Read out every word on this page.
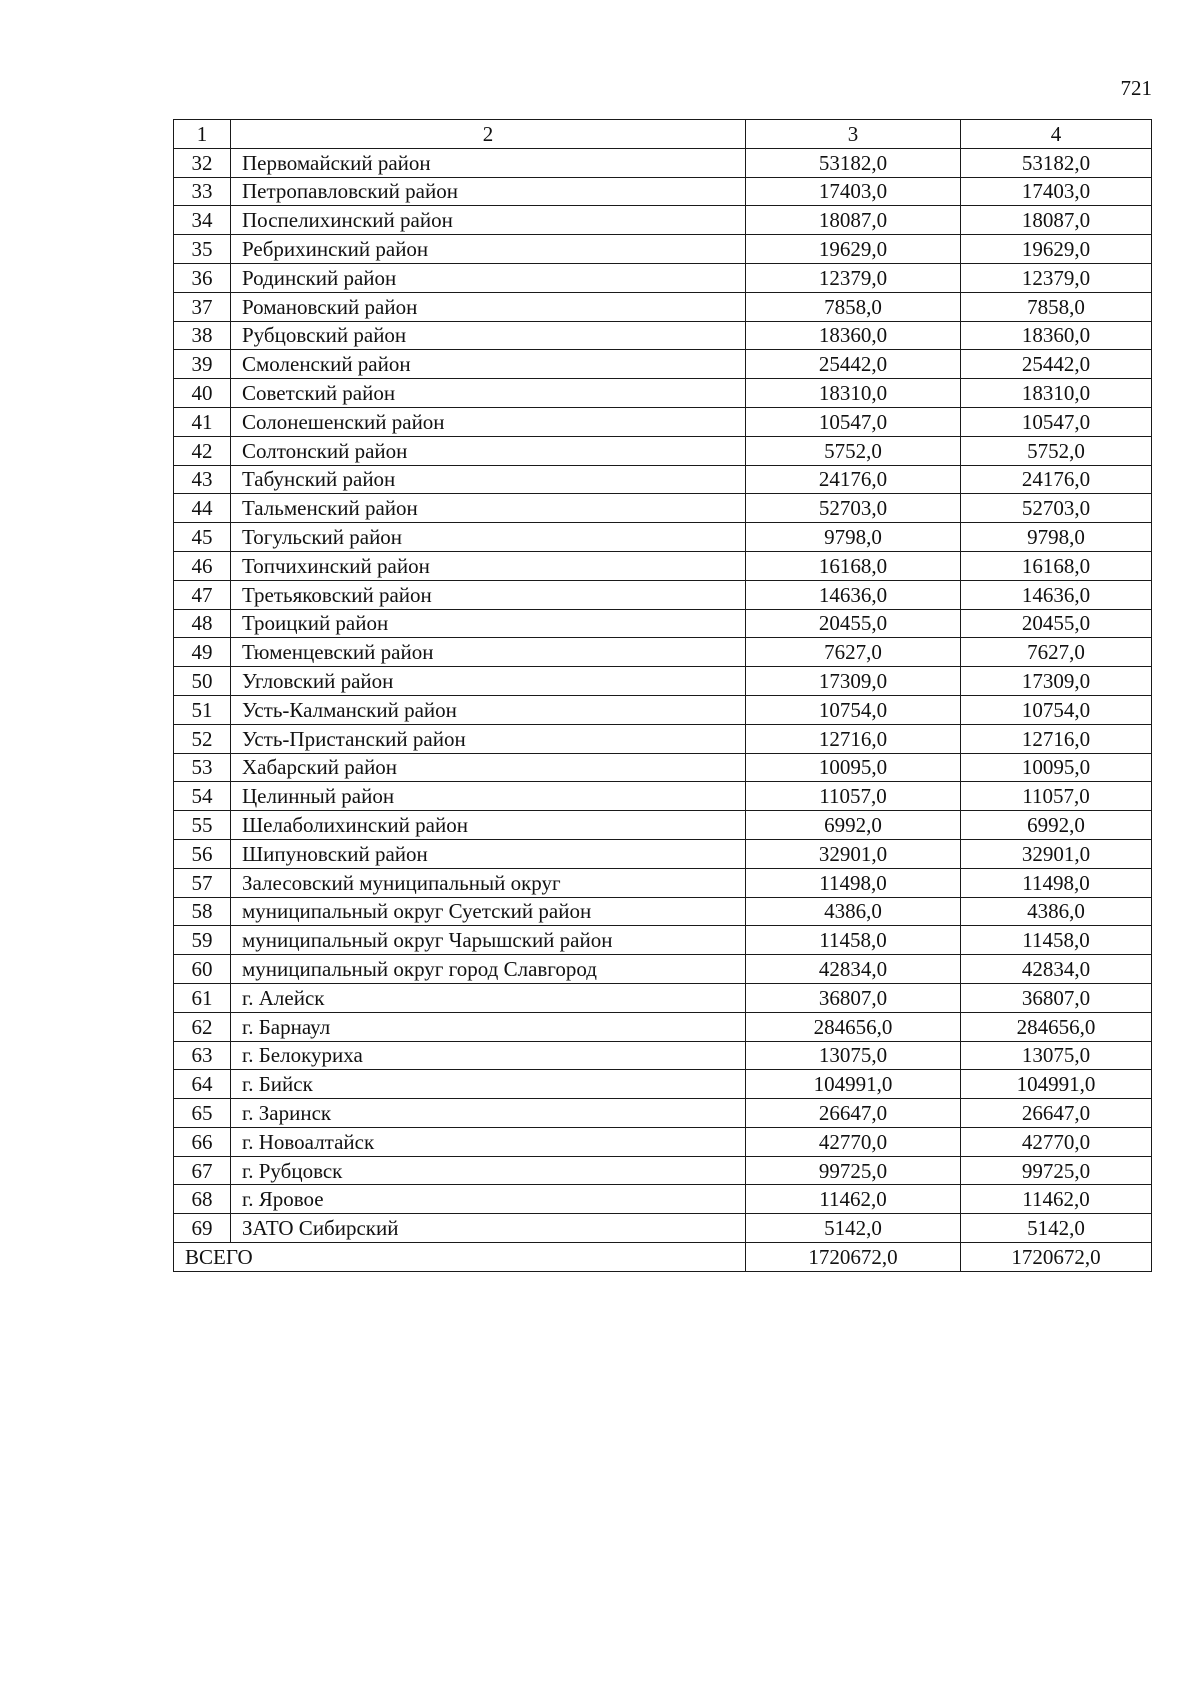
721
1	2	3	4
32	Первомайский район	53182,0	53182,0
33	Петропавловский район	17403,0	17403,0
34	Поспелихинский район	18087,0	18087,0
35	Ребрихинский район	19629,0	19629,0
36	Родинский район	12379,0	12379,0
37	Романовский район	7858,0	7858,0
38	Рубцовский район	18360,0	18360,0
39	Смоленский район	25442,0	25442,0
40	Советский район	18310,0	18310,0
41	Солонешенский район	10547,0	10547,0
42	Солтонский район	5752,0	5752,0
43	Табунский район	24176,0	24176,0
44	Тальменский район	52703,0	52703,0
45	Тогульский район	9798,0	9798,0
46	Топчихинский район	16168,0	16168,0
47	Третьяковский район	14636,0	14636,0
48	Троицкий район	20455,0	20455,0
49	Тюменцевский район	7627,0	7627,0
50	Угловский район	17309,0	17309,0
51	Усть-Калманский район	10754,0	10754,0
52	Усть-Пристанский район	12716,0	12716,0
53	Хабарский район	10095,0	10095,0
54	Целинный район	11057,0	11057,0
55	Шелаболихинский район	6992,0	6992,0
56	Шипуновский район	32901,0	32901,0
57	Залесовский муниципальный округ	11498,0	11498,0
58	муниципальный округ Суетский район	4386,0	4386,0
59	муниципальный округ Чарышский район	11458,0	11458,0
60	муниципальный округ город Славгород	42834,0	42834,0
61	г. Алейск	36807,0	36807,0
62	г. Барнаул	284656,0	284656,0
63	г. Белокуриха	13075,0	13075,0
64	г. Бийск	104991,0	104991,0
65	г. Заринск	26647,0	26647,0
66	г. Новоалтайск	42770,0	42770,0
67	г. Рубцовск	99725,0	99725,0
68	г. Яровое	11462,0	11462,0
69	ЗАТО Сибирский	5142,0	5142,0
ВСЕГО		1720672,0	1720672,0
